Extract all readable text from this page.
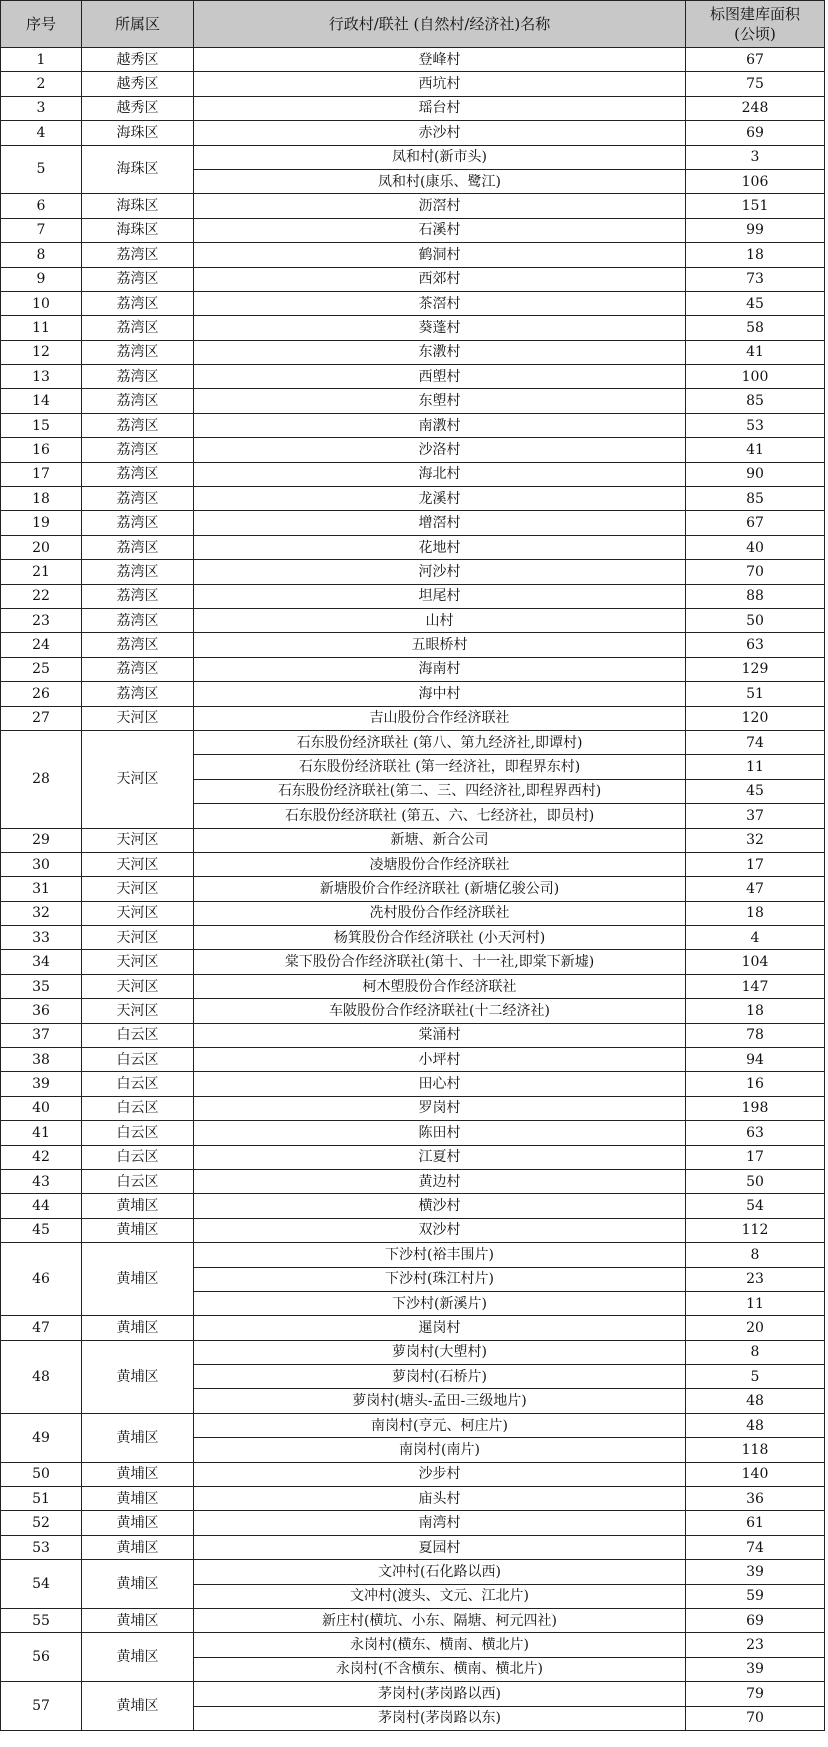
序号	所属区	行政村/联社 (自然村/经济社)名称	标图建库面积
(公顷)

1	越秀区	登峰村	67
2	越秀区	西坑村	75
3	越秀区	瑶台村	248
4	海珠区	赤沙村	69
5	海珠区	凤和村(新市头)	3
		凤和村(康乐、鹭江)	106
6	海珠区	沥滘村	151
7	海珠区	石溪村	99
8	荔湾区	鹤洞村	18
9	荔湾区	西郊村	73
10	荔湾区	茶滘村	45
11	荔湾区	葵蓬村	58
12	荔湾区	东漖村	41
13	荔湾区	西塱村	100
14	荔湾区	东塱村	85
15	荔湾区	南漖村	53
16	荔湾区	沙洛村	41
17	荔湾区	海北村	90
18	荔湾区	龙溪村	85
19	荔湾区	增滘村	67
20	荔湾区	花地村	40
21	荔湾区	河沙村	70
22	荔湾区	坦尾村	88
23	荔湾区	山村	50
24	荔湾区	五眼桥村	63
25	荔湾区	海南村	129
26	荔湾区	海中村	51
27	天河区	吉山股份合作经济联社	120
28	天河区	石东股份经济联社 (第八、第九经济社,即谭村)	74
		石东股份经济联社 (第一经济社，即程界东村)	11
		石东股份经济联社(第二、三、四经济社,即程界西村)	45
		石东股份经济联社 (第五、六、七经济社，即员村)	37
29	天河区	新塘、新合公司	32
30	天河区	凌塘股份合作经济联社	17
31	天河区	新塘股价合作经济联社 (新塘亿骏公司)	47
32	天河区	冼村股份合作经济联社	18
33	天河区	杨箕股份合作经济联社 (小天河村)	4
34	天河区	棠下股份合作经济联社(第十、十一社,即棠下新墟)	104
35	天河区	柯木塱股份合作经济联社	147
36	天河区	车陂股份合作经济联社(十二经济社)	18
37	白云区	棠涌村	78
38	白云区	小坪村	94
39	白云区	田心村	16
40	白云区	罗岗村	198
41	白云区	陈田村	63
42	白云区	江夏村	17
43	白云区	黄边村	50
44	黄埔区	横沙村	54
45	黄埔区	双沙村	112
46	黄埔区	下沙村(裕丰围片)	8
		下沙村(珠江村片)	23
		下沙村(新溪片)	11
47	黄埔区	暹岗村	20
48	黄埔区	萝岗村(大塱村)	8
		萝岗村(石桥片)	5
		萝岗村(塘头-孟田-三级地片)	48
49	黄埔区	南岗村(亨元、柯庄片)	48
		南岗村(南片)	118
50	黄埔区	沙步村	140
51	黄埔区	庙头村	36
52	黄埔区	南湾村	61
53	黄埔区	夏园村	74
54	黄埔区	文冲村(石化路以西)	39
		文冲村(渡头、文元、江北片)	59
55	黄埔区	新庄村(横坑、小东、隔塘、柯元四社)	69
56	黄埔区	永岗村(横东、横南、横北片)	23
		永岗村(不含横东、横南、横北片)	39
57	黄埔区	茅岗村(茅岗路以西)	79
		茅岗村(茅岗路以东)	70
